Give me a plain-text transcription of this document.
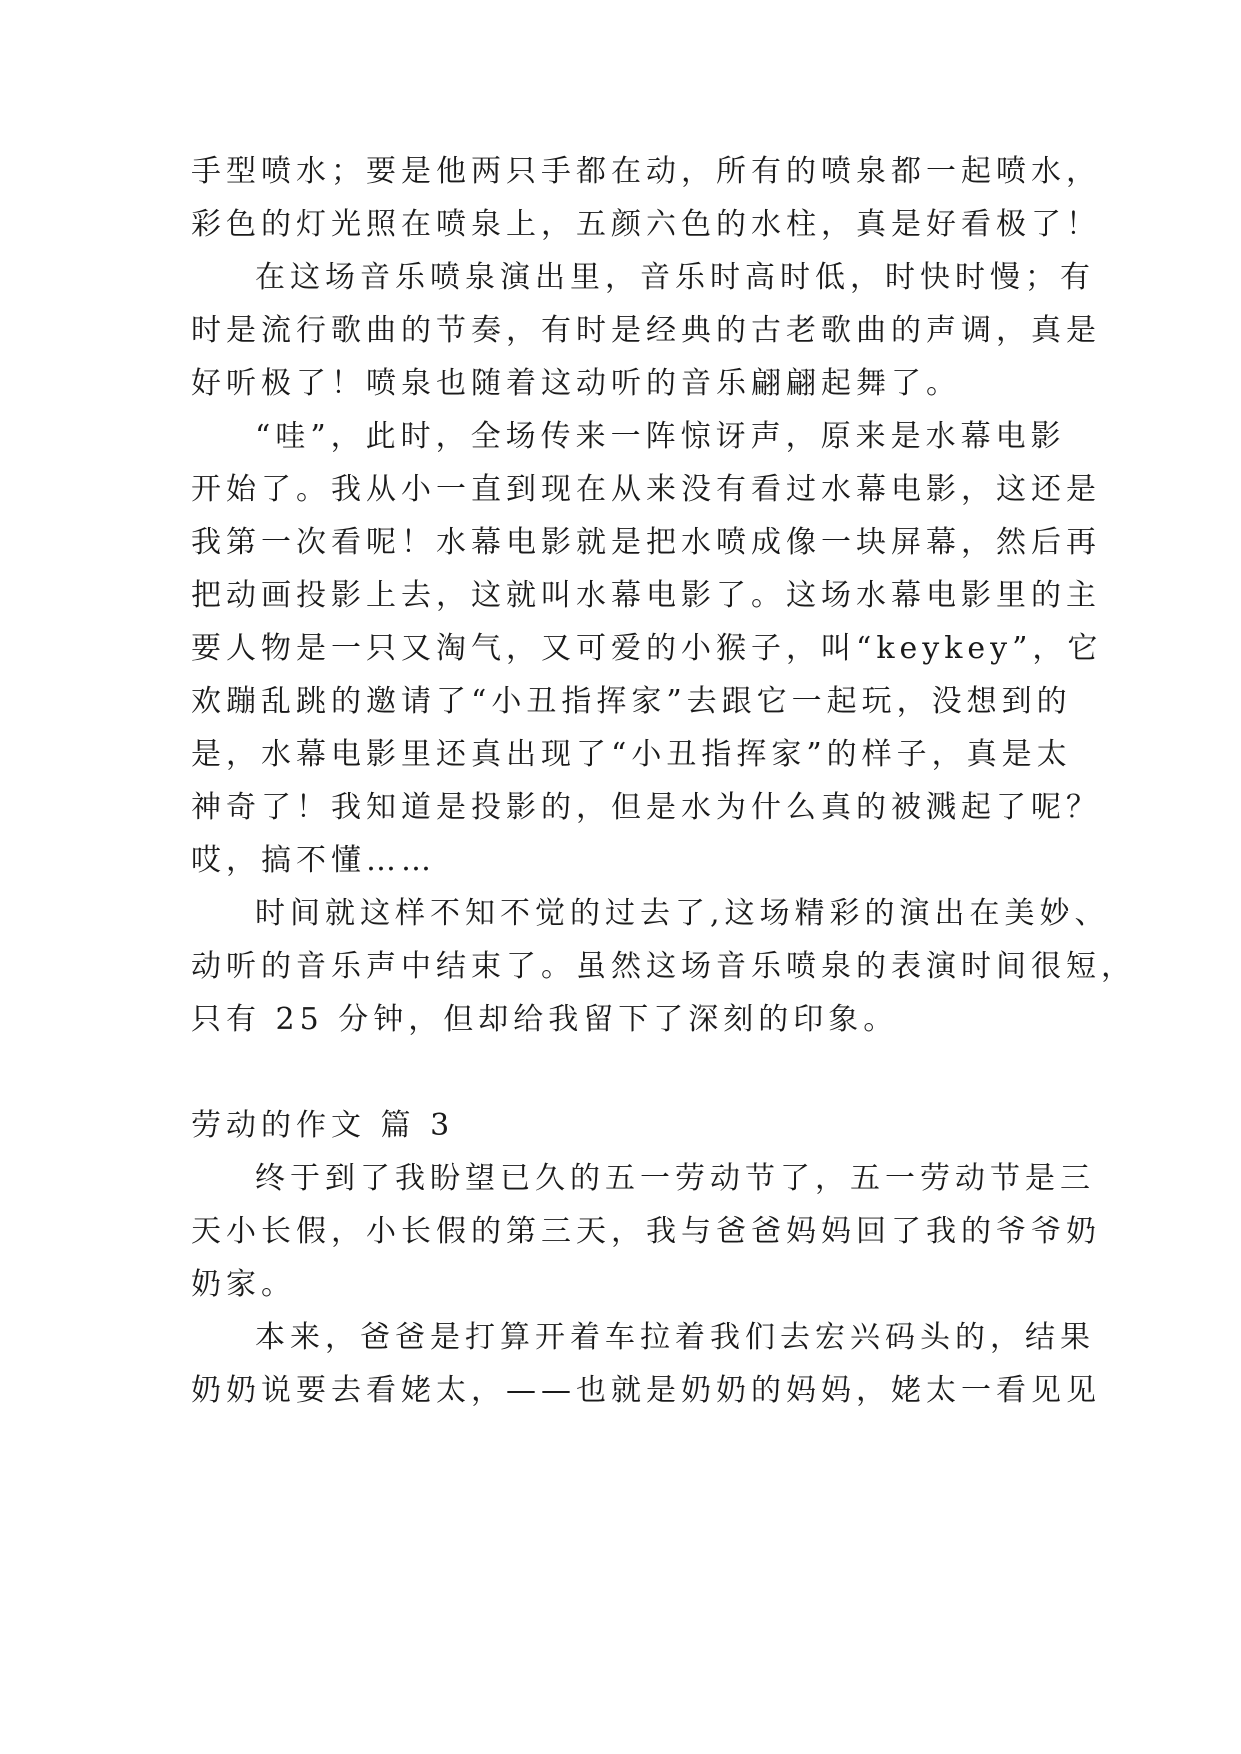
手型喷水；要是他两只手都在动，所有的喷泉都一起喷水，
彩色的灯光照在喷泉上，五颜六色的水柱，真是好看极了！
在这场音乐喷泉演出里，音乐时高时低，时快时慢；有
时是流行歌曲的节奏，有时是经典的古老歌曲的声调，真是
好听极了！喷泉也随着这动听的音乐翩翩起舞了。
“哇”，此时，全场传来一阵惊讶声，原来是水幕电影
开始了。我从小一直到现在从来没有看过水幕电影，这还是
我第一次看呢！水幕电影就是把水喷成像一块屏幕，然后再
把动画投影上去，这就叫水幕电影了。这场水幕电影里的主
要人物是一只又淘气，又可爱的小猴子，叫“keykey”，它
欢蹦乱跳的邀请了“小丑指挥家”去跟它一起玩，没想到的
是，水幕电影里还真出现了“小丑指挥家”的样子，真是太
神奇了！我知道是投影的，但是水为什么真的被溅起了呢？
哎，搞不懂……
时间就这样不知不觉的过去了,这场精彩的演出在美妙、
动听的音乐声中结束了。虽然这场音乐喷泉的表演时间很短，
只有 25 分钟，但却给我留下了深刻的印象。
劳动的作文 篇 3
终于到了我盼望已久的五一劳动节了，五一劳动节是三
天小长假，小长假的第三天，我与爸爸妈妈回了我的爷爷奶
奶家。
本来，爸爸是打算开着车拉着我们去宏兴码头的，结果
奶奶说要去看姥太，——也就是奶奶的妈妈，姥太一看见见
